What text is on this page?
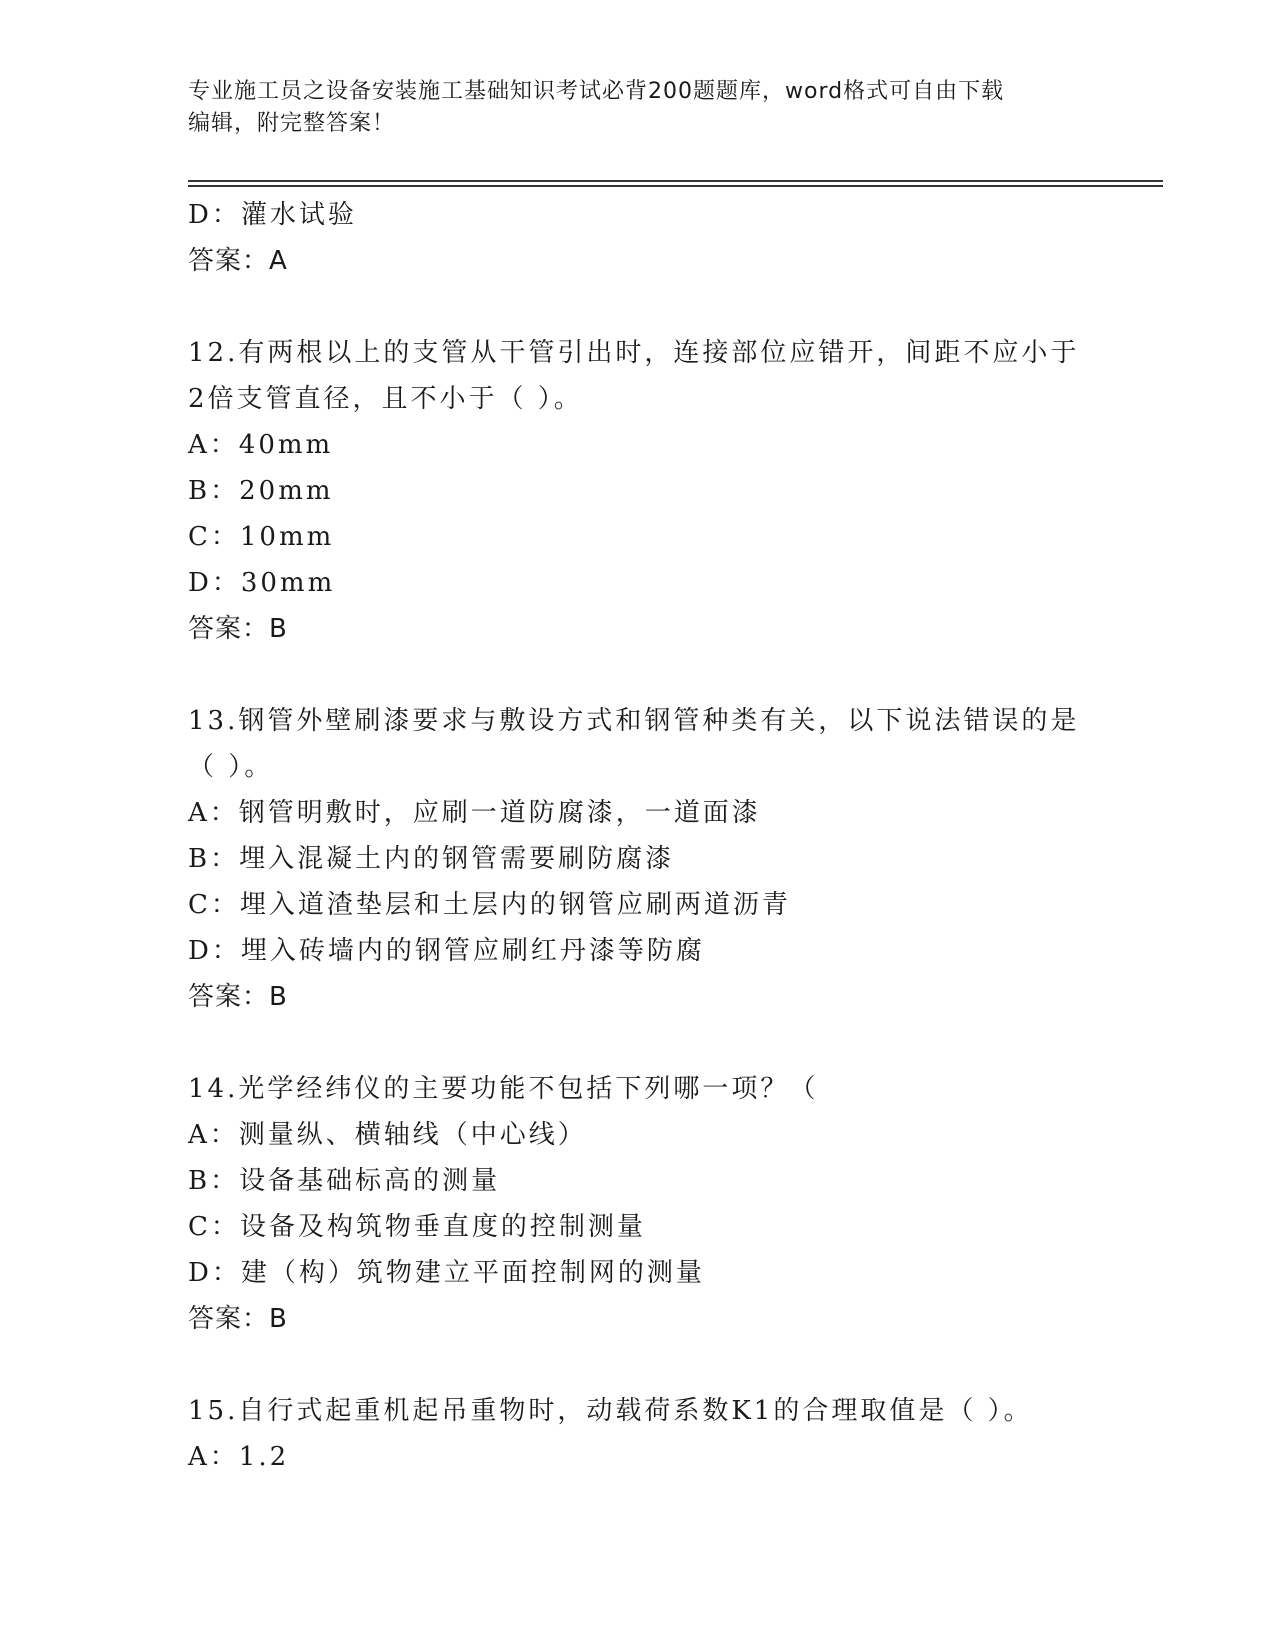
专业施工员之设备安装施工基础知识考试必背200题题库，word格式可自由下载
编辑，附完整答案！
D：灌水试验
答案：A
12.有两根以上的支管从干管引出时，连接部位应错开，间距不应小于
2倍支管直径，且不小于（ ）。
A：40mm
B：20mm
C：10mm
D：30mm
答案：B
13.钢管外壁刷漆要求与敷设方式和钢管种类有关，以下说法错误的是
（ ）。
A：钢管明敷时，应刷一道防腐漆，一道面漆
B：埋入混凝土内的钢管需要刷防腐漆
C：埋入道渣垫层和土层内的钢管应刷两道沥青
D：埋入砖墙内的钢管应刷红丹漆等防腐
答案：B
14.光学经纬仪的主要功能不包括下列哪一项？（
A：测量纵、横轴线（中心线）
B：设备基础标高的测量
C：设备及构筑物垂直度的控制测量
D：建（构）筑物建立平面控制网的测量
答案：B
15.自行式起重机起吊重物时，动载荷系数K1的合理取值是（ ）。
A：1.2
